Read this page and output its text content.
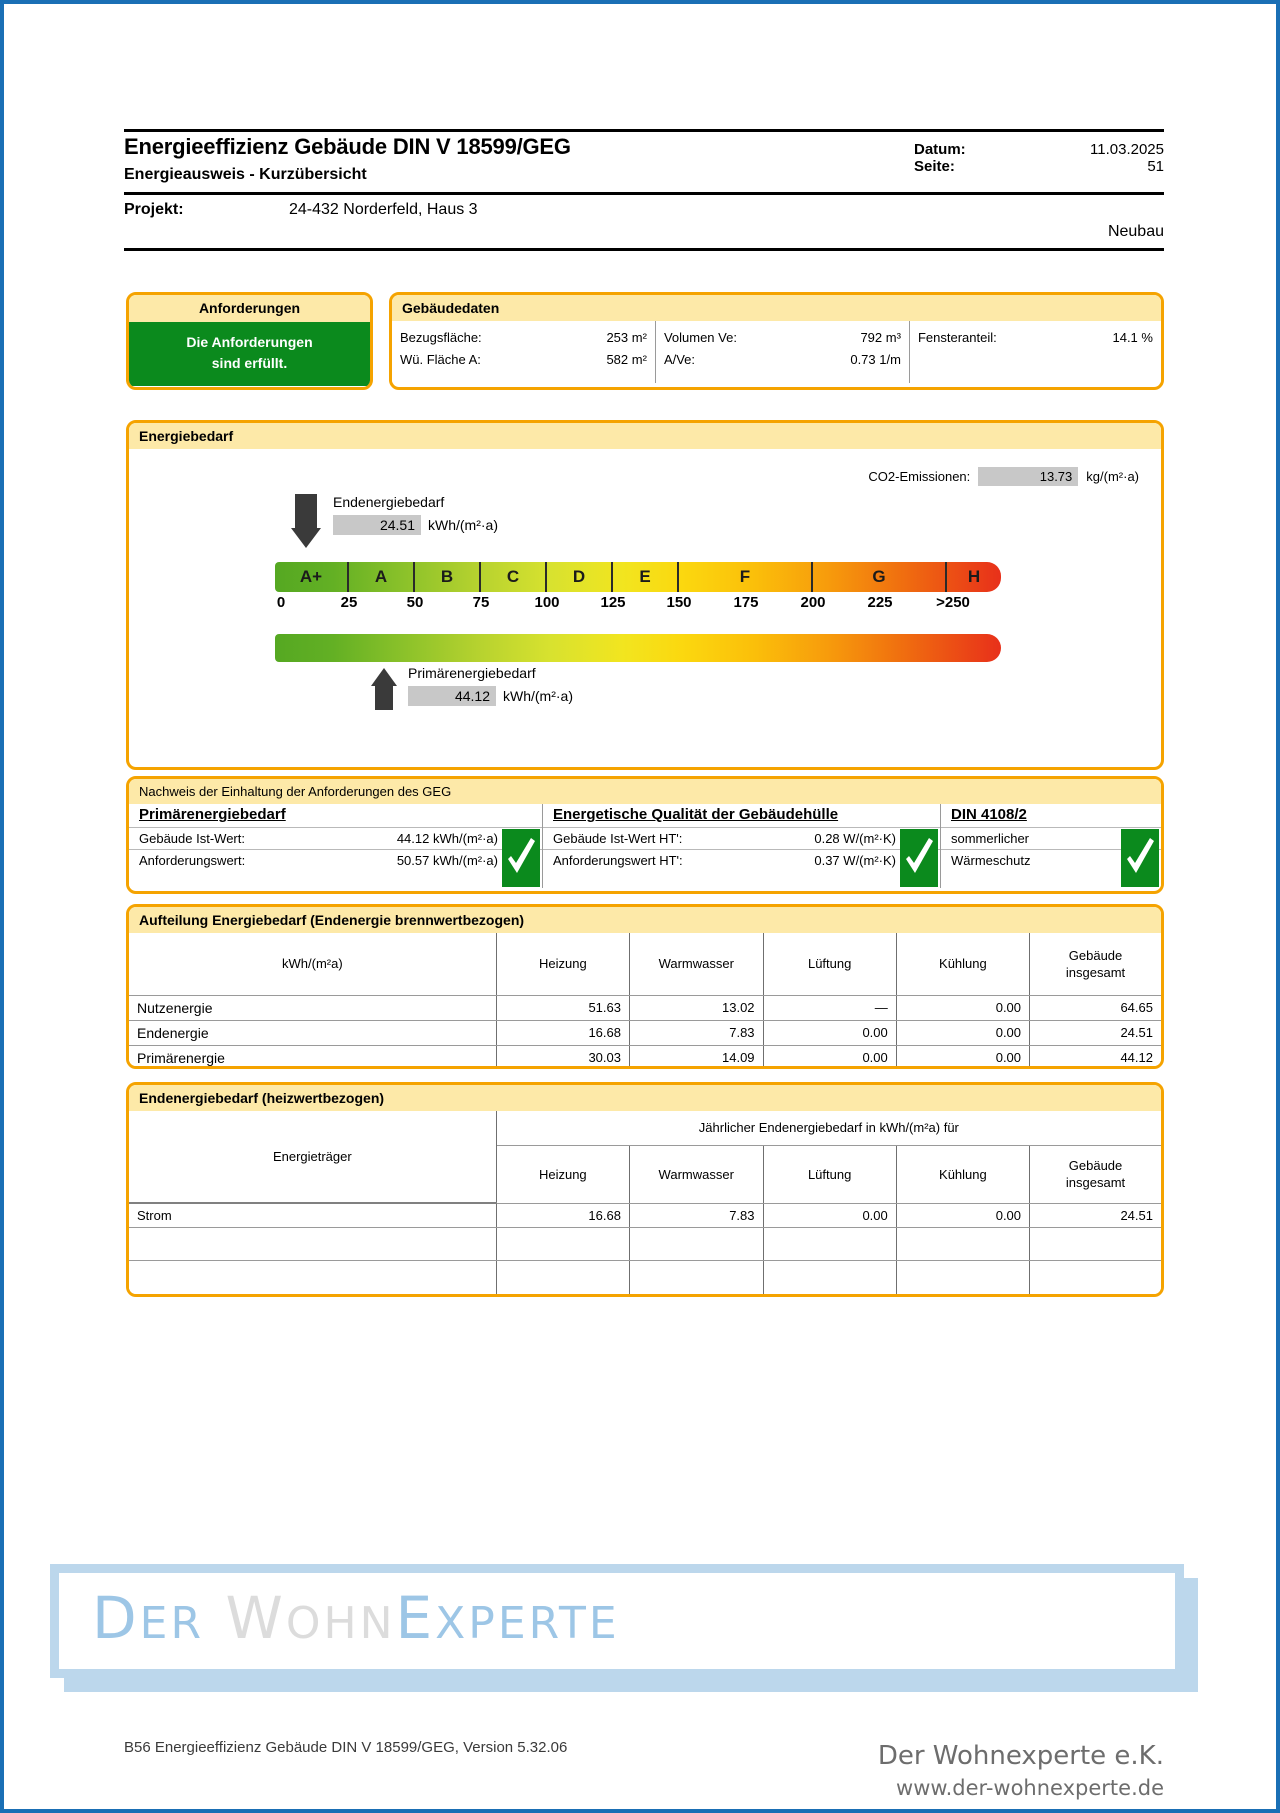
Energieeffizienz Gebäude DIN V 18599/GEG
Energieausweis - Kurzübersicht
Datum:	11.03.2025
Seite:	51
Projekt:	24-432 Norderfeld, Haus 3
Neubau
Anforderungen
Die Anforderungen
sind erfüllt.
Gebäudedaten
Bezugsfläche:	253 m²
Wü. Fläche A:	582 m²
Volumen Ve:	792 m³
A/Ve:	0.73 1/m
Fensteranteil:	14.1 %
Energiebedarf
CO2-Emissionen:	13.73	kg/(m²·a)
Endenergiebedarf
24.51 kWh/(m²·a)
A+	A	B	C	D	E	F	G	H
0	25	50	75	100	125	150	175	200	225	>250
Primärenergiebedarf
44.12 kWh/(m²·a)
Nachweis der Einhaltung der Anforderungen des GEG
Primärenergiebedarf
Gebäude Ist-Wert:	44.12 kWh/(m²·a)
Anforderungswert:	50.57 kWh/(m²·a)
Energetische Qualität der Gebäudehülle
Gebäude Ist-Wert HT':	0.28 W/(m²·K)
Anforderungswert HT':	0.37 W/(m²·K)
DIN 4108/2
sommerlicher
Wärmeschutz
Aufteilung Energiebedarf (Endenergie brennwertbezogen)
kWh/(m²a)	Heizung	Warmwasser	Lüftung	Kühlung	Gebäude
insgesamt

Nutzenergie	51.63	13.02	—	0.00	64.65
Endenergie	16.68	7.83	0.00	0.00	24.51
Primärenergie	30.03	14.09	0.00	0.00	44.12
Endenergiebedarf (heizwertbezogen)
Energieträger	Jährlicher Endenergiebedarf in kWh/(m²a) für				
	Heizung	Warmwasser	Lüftung	Kühlung	Gebäude
insgesamt

Strom	16.68	7.83	0.00	0.00	24.51

DER WOHNEXPERTE
B56 Energieeffizienz Gebäude DIN V 18599/GEG, Version 5.32.06	Der Wohnexperte e.K.
www.der-wohnexperte.de
